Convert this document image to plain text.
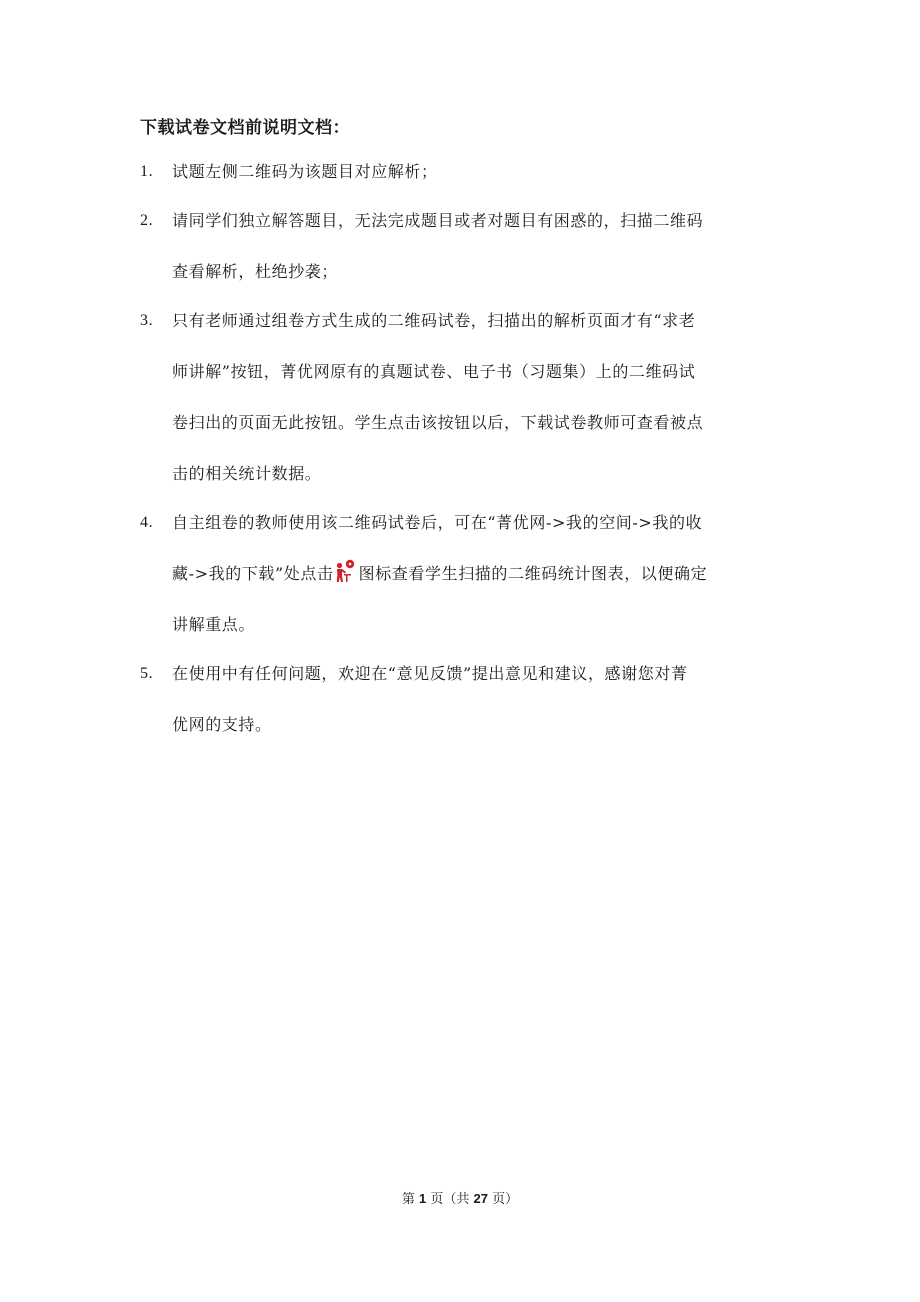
下载试卷文档前说明文档：
1. 试题左侧二维码为该题目对应解析；
2. 请同学们独立解答题目，无法完成题目或者对题目有困惑的，扫描二维码
查看解析，杜绝抄袭；
3. 只有老师通过组卷方式生成的二维码试卷，扫描出的解析页面才有“求老
师讲解”按钮，菁优网原有的真题试卷、电子书（习题集）上的二维码试
卷扫出的页面无此按钮。学生点击该按钮以后，下载试卷教师可查看被点
击的相关统计数据。
4. 自主组卷的教师使用该二维码试卷后，可在“菁优网->我的空间->我的收
藏->我的下载”处点击 图标查看学生扫描的二维码统计图表，以便确定
讲解重点。
5. 在使用中有任何问题，欢迎在“意见反馈”提出意见和建议，感谢您对菁
优网的支持。
第 1 页（共 27 页）
